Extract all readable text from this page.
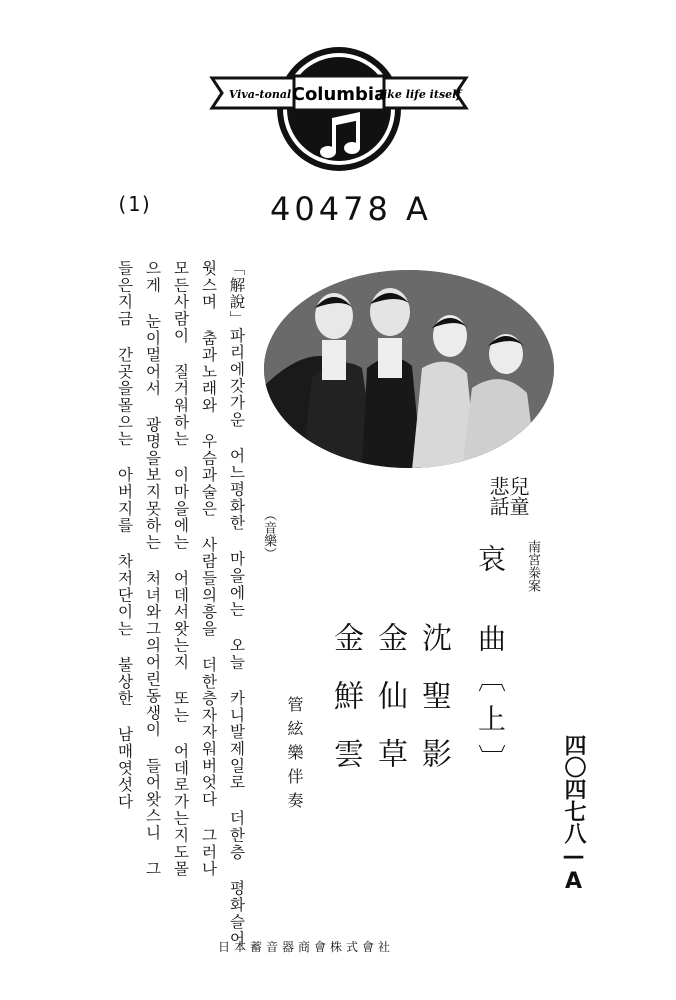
Viva-tonal Columbia
like life itself
(1)	40478 A
「解說」파리에갓가운 어느평화한 마을에는 오늘 카니발제일로 더한층 평화슬어
웟스며 춤과노래와 우슴과술은 사람들의흥을 더한층자자워버엇다 그러나
모든사람이 질거워하는 이마을에는 어데서왓는지 또는 어데로가는지도몰
으게 눈이멀어서 광명을보지못하는 처녀와그의어린동생이 들어왓스니 그
들은지금 간곳을몰으는 아버지를 차저단이는 불상한 남매엿섯다	（音樂）
兒童
悲話
哀　曲〔上〕 南宮桊案
沈聖影
金仙草
金鮮雲
管絃樂伴奏	四〇四七八—A
日本蓄音器商會株式會社
